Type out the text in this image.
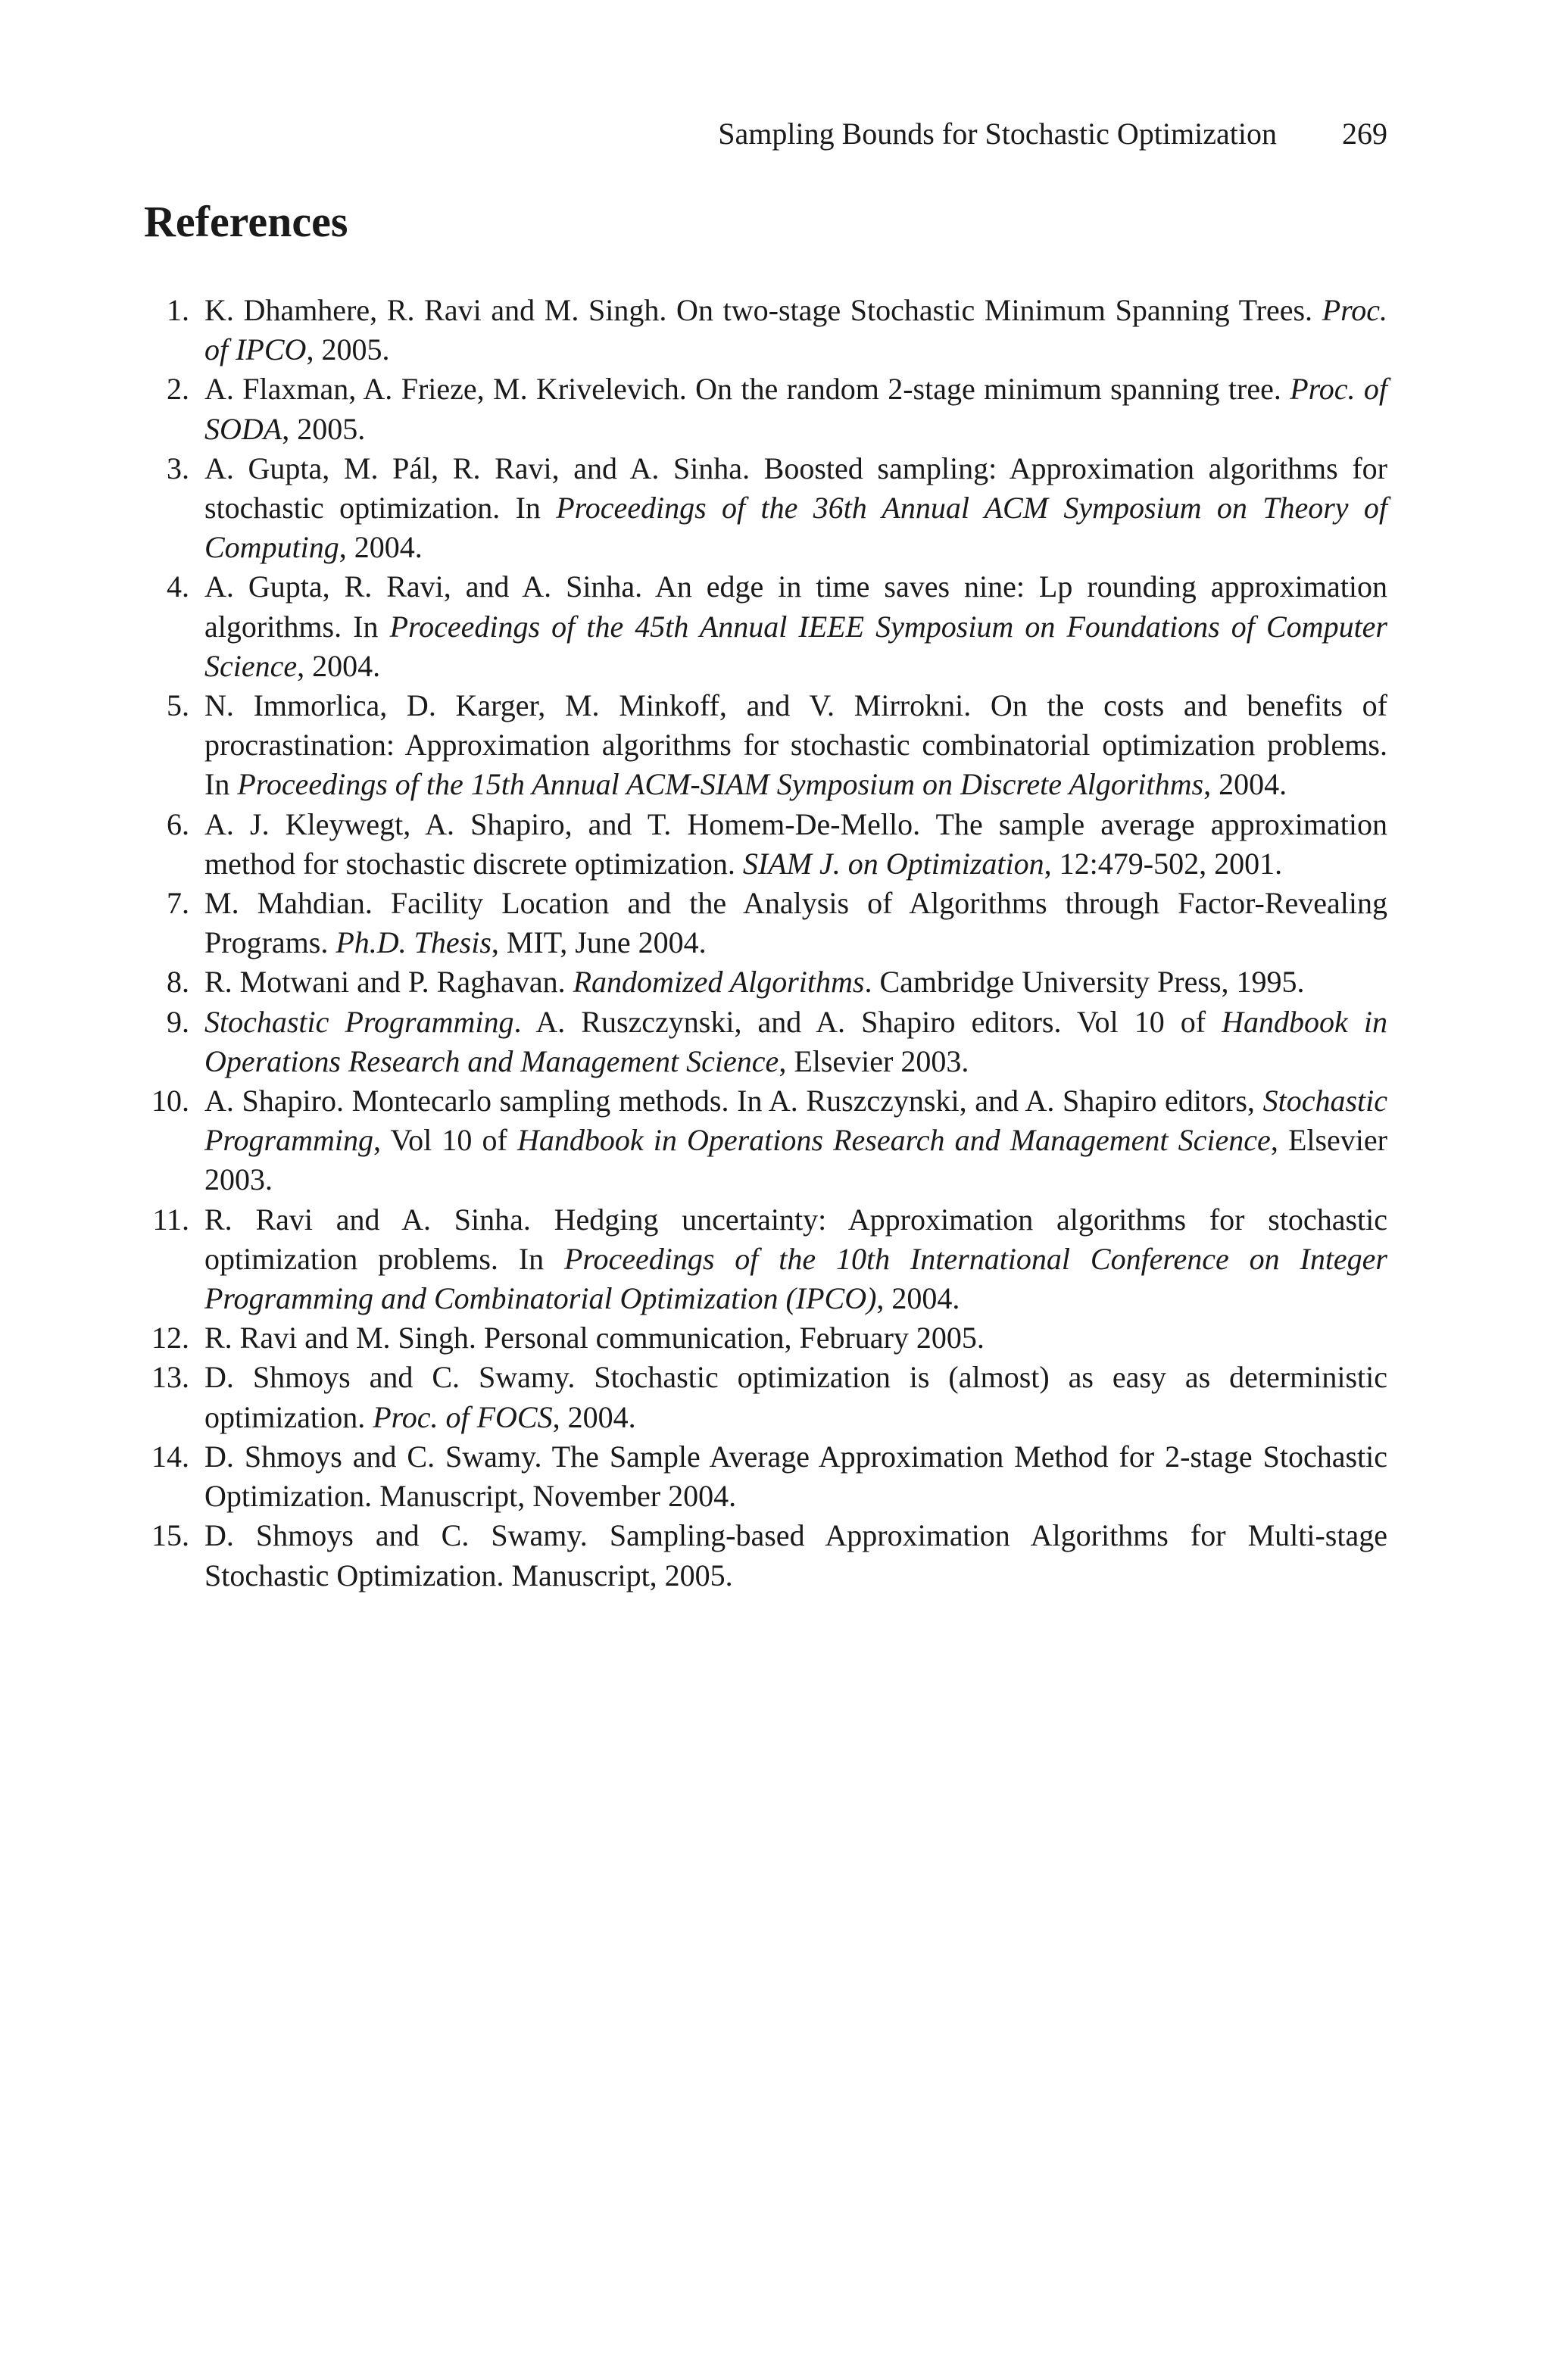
Sampling Bounds for Stochastic Optimization 269
References
1. K. Dhamhere, R. Ravi and M. Singh. On two-stage Stochastic Minimum Spanning Trees. Proc. of IPCO, 2005.
2. A. Flaxman, A. Frieze, M. Krivelevich. On the random 2-stage minimum spanning tree. Proc. of SODA, 2005.
3. A. Gupta, M. Pál, R. Ravi, and A. Sinha. Boosted sampling: Approximation algorithms for stochastic optimization. In Proceedings of the 36th Annual ACM Symposium on Theory of Computing, 2004.
4. A. Gupta, R. Ravi, and A. Sinha. An edge in time saves nine: Lp rounding approximation algorithms. In Proceedings of the 45th Annual IEEE Symposium on Foundations of Computer Science, 2004.
5. N. Immorlica, D. Karger, M. Minkoff, and V. Mirrokni. On the costs and benefits of procrastination: Approximation algorithms for stochastic combinatorial optimization problems. In Proceedings of the 15th Annual ACM-SIAM Symposium on Discrete Algorithms, 2004.
6. A. J. Kleywegt, A. Shapiro, and T. Homem-De-Mello. The sample average approximation method for stochastic discrete optimization. SIAM J. on Optimization, 12:479-502, 2001.
7. M. Mahdian. Facility Location and the Analysis of Algorithms through Factor-Revealing Programs. Ph.D. Thesis, MIT, June 2004.
8. R. Motwani and P. Raghavan. Randomized Algorithms. Cambridge University Press, 1995.
9. Stochastic Programming. A. Ruszczynski, and A. Shapiro editors. Vol 10 of Handbook in Operations Research and Management Science, Elsevier 2003.
10. A. Shapiro. Montecarlo sampling methods. In A. Ruszczynski, and A. Shapiro editors, Stochastic Programming, Vol 10 of Handbook in Operations Research and Management Science, Elsevier 2003.
11. R. Ravi and A. Sinha. Hedging uncertainty: Approximation algorithms for stochastic optimization problems. In Proceedings of the 10th International Conference on Integer Programming and Combinatorial Optimization (IPCO), 2004.
12. R. Ravi and M. Singh. Personal communication, February 2005.
13. D. Shmoys and C. Swamy. Stochastic optimization is (almost) as easy as deterministic optimization. Proc. of FOCS, 2004.
14. D. Shmoys and C. Swamy. The Sample Average Approximation Method for 2-stage Stochastic Optimization. Manuscript, November 2004.
15. D. Shmoys and C. Swamy. Sampling-based Approximation Algorithms for Multi-stage Stochastic Optimization. Manuscript, 2005.
